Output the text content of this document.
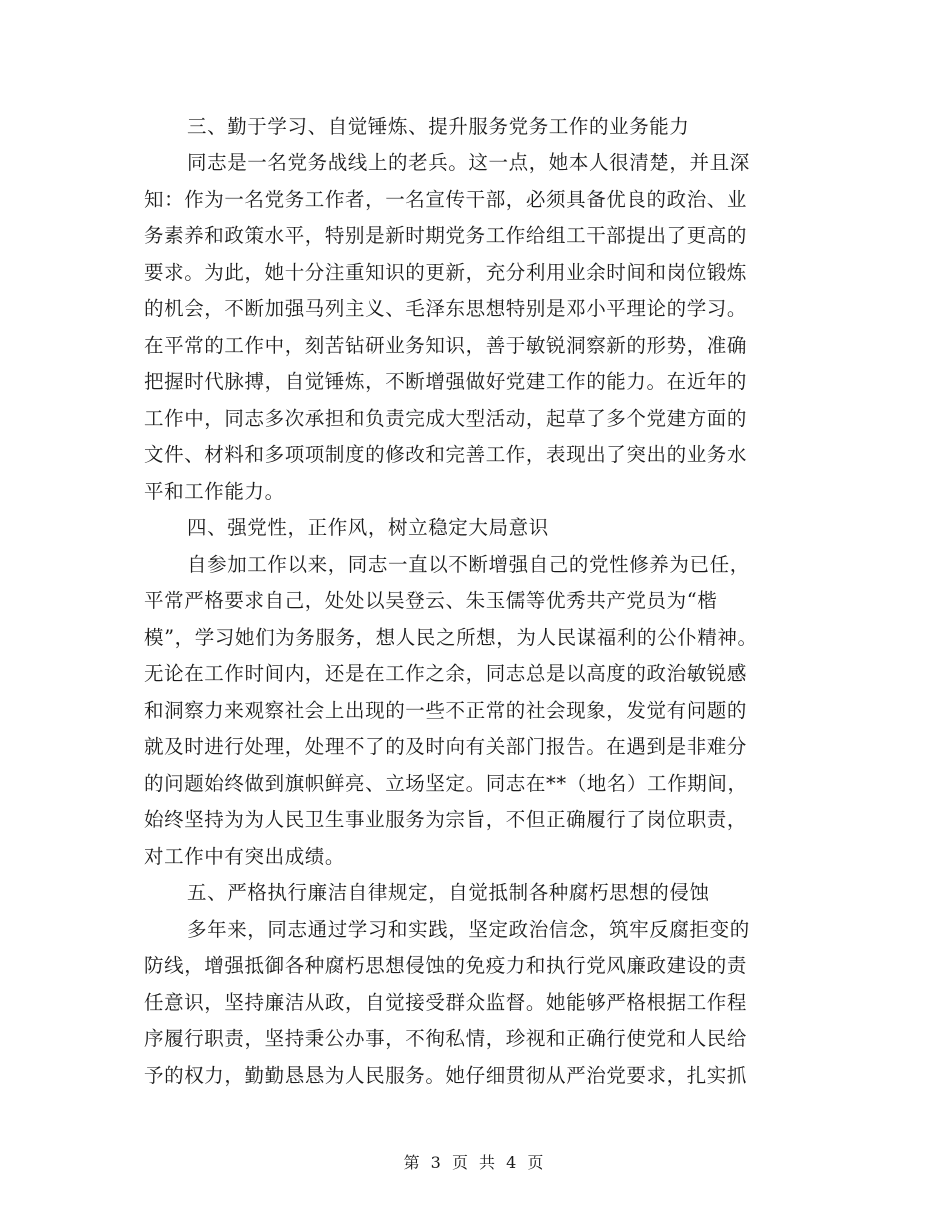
三、勤于学习、自觉锤炼、提升服务党务工作的业务能力
同志是一名党务战线上的老兵。这一点，她本人很清楚，并且深
知：作为一名党务工作者，一名宣传干部，必须具备优良的政治、业
务素养和政策水平，特别是新时期党务工作给组工干部提出了更高的
要求。为此，她十分注重知识的更新，充分利用业余时间和岗位锻炼
的机会，不断加强马列主义、毛泽东思想特别是邓小平理论的学习。
在平常的工作中，刻苦钻研业务知识，善于敏锐洞察新的形势，准确
把握时代脉搏，自觉锤炼，不断增强做好党建工作的能力。在近年的
工作中，同志多次承担和负责完成大型活动，起草了多个党建方面的
文件、材料和多项项制度的修改和完善工作，表现出了突出的业务水
平和工作能力。
四、强党性，正作风，树立稳定大局意识
自参加工作以来，同志一直以不断增强自己的党性修养为已任，
平常严格要求自己，处处以吴登云、朱玉儒等优秀共产党员为“楷
模”，学习她们为务服务，想人民之所想，为人民谋福利的公仆精神。
无论在工作时间内，还是在工作之余，同志总是以高度的政治敏锐感
和洞察力来观察社会上出现的一些不正常的社会现象，发觉有问题的
就及时进行处理，处理不了的及时向有关部门报告。在遇到是非难分
的问题始终做到旗帜鲜亮、立场坚定。同志在**（地名）工作期间，
始终坚持为为人民卫生事业服务为宗旨，不但正确履行了岗位职责，
对工作中有突出成绩。
五、严格执行廉洁自律规定，自觉抵制各种腐朽思想的侵蚀
多年来，同志通过学习和实践，坚定政治信念，筑牢反腐拒变的
防线，增强抵御各种腐朽思想侵蚀的免疫力和执行党风廉政建设的责
任意识，坚持廉洁从政，自觉接受群众监督。她能够严格根据工作程
序履行职责，坚持秉公办事，不徇私情，珍视和正确行使党和人民给
予的权力，勤勤恳恳为人民服务。她仔细贯彻从严治党要求，扎实抓
第 3 页 共 4 页
